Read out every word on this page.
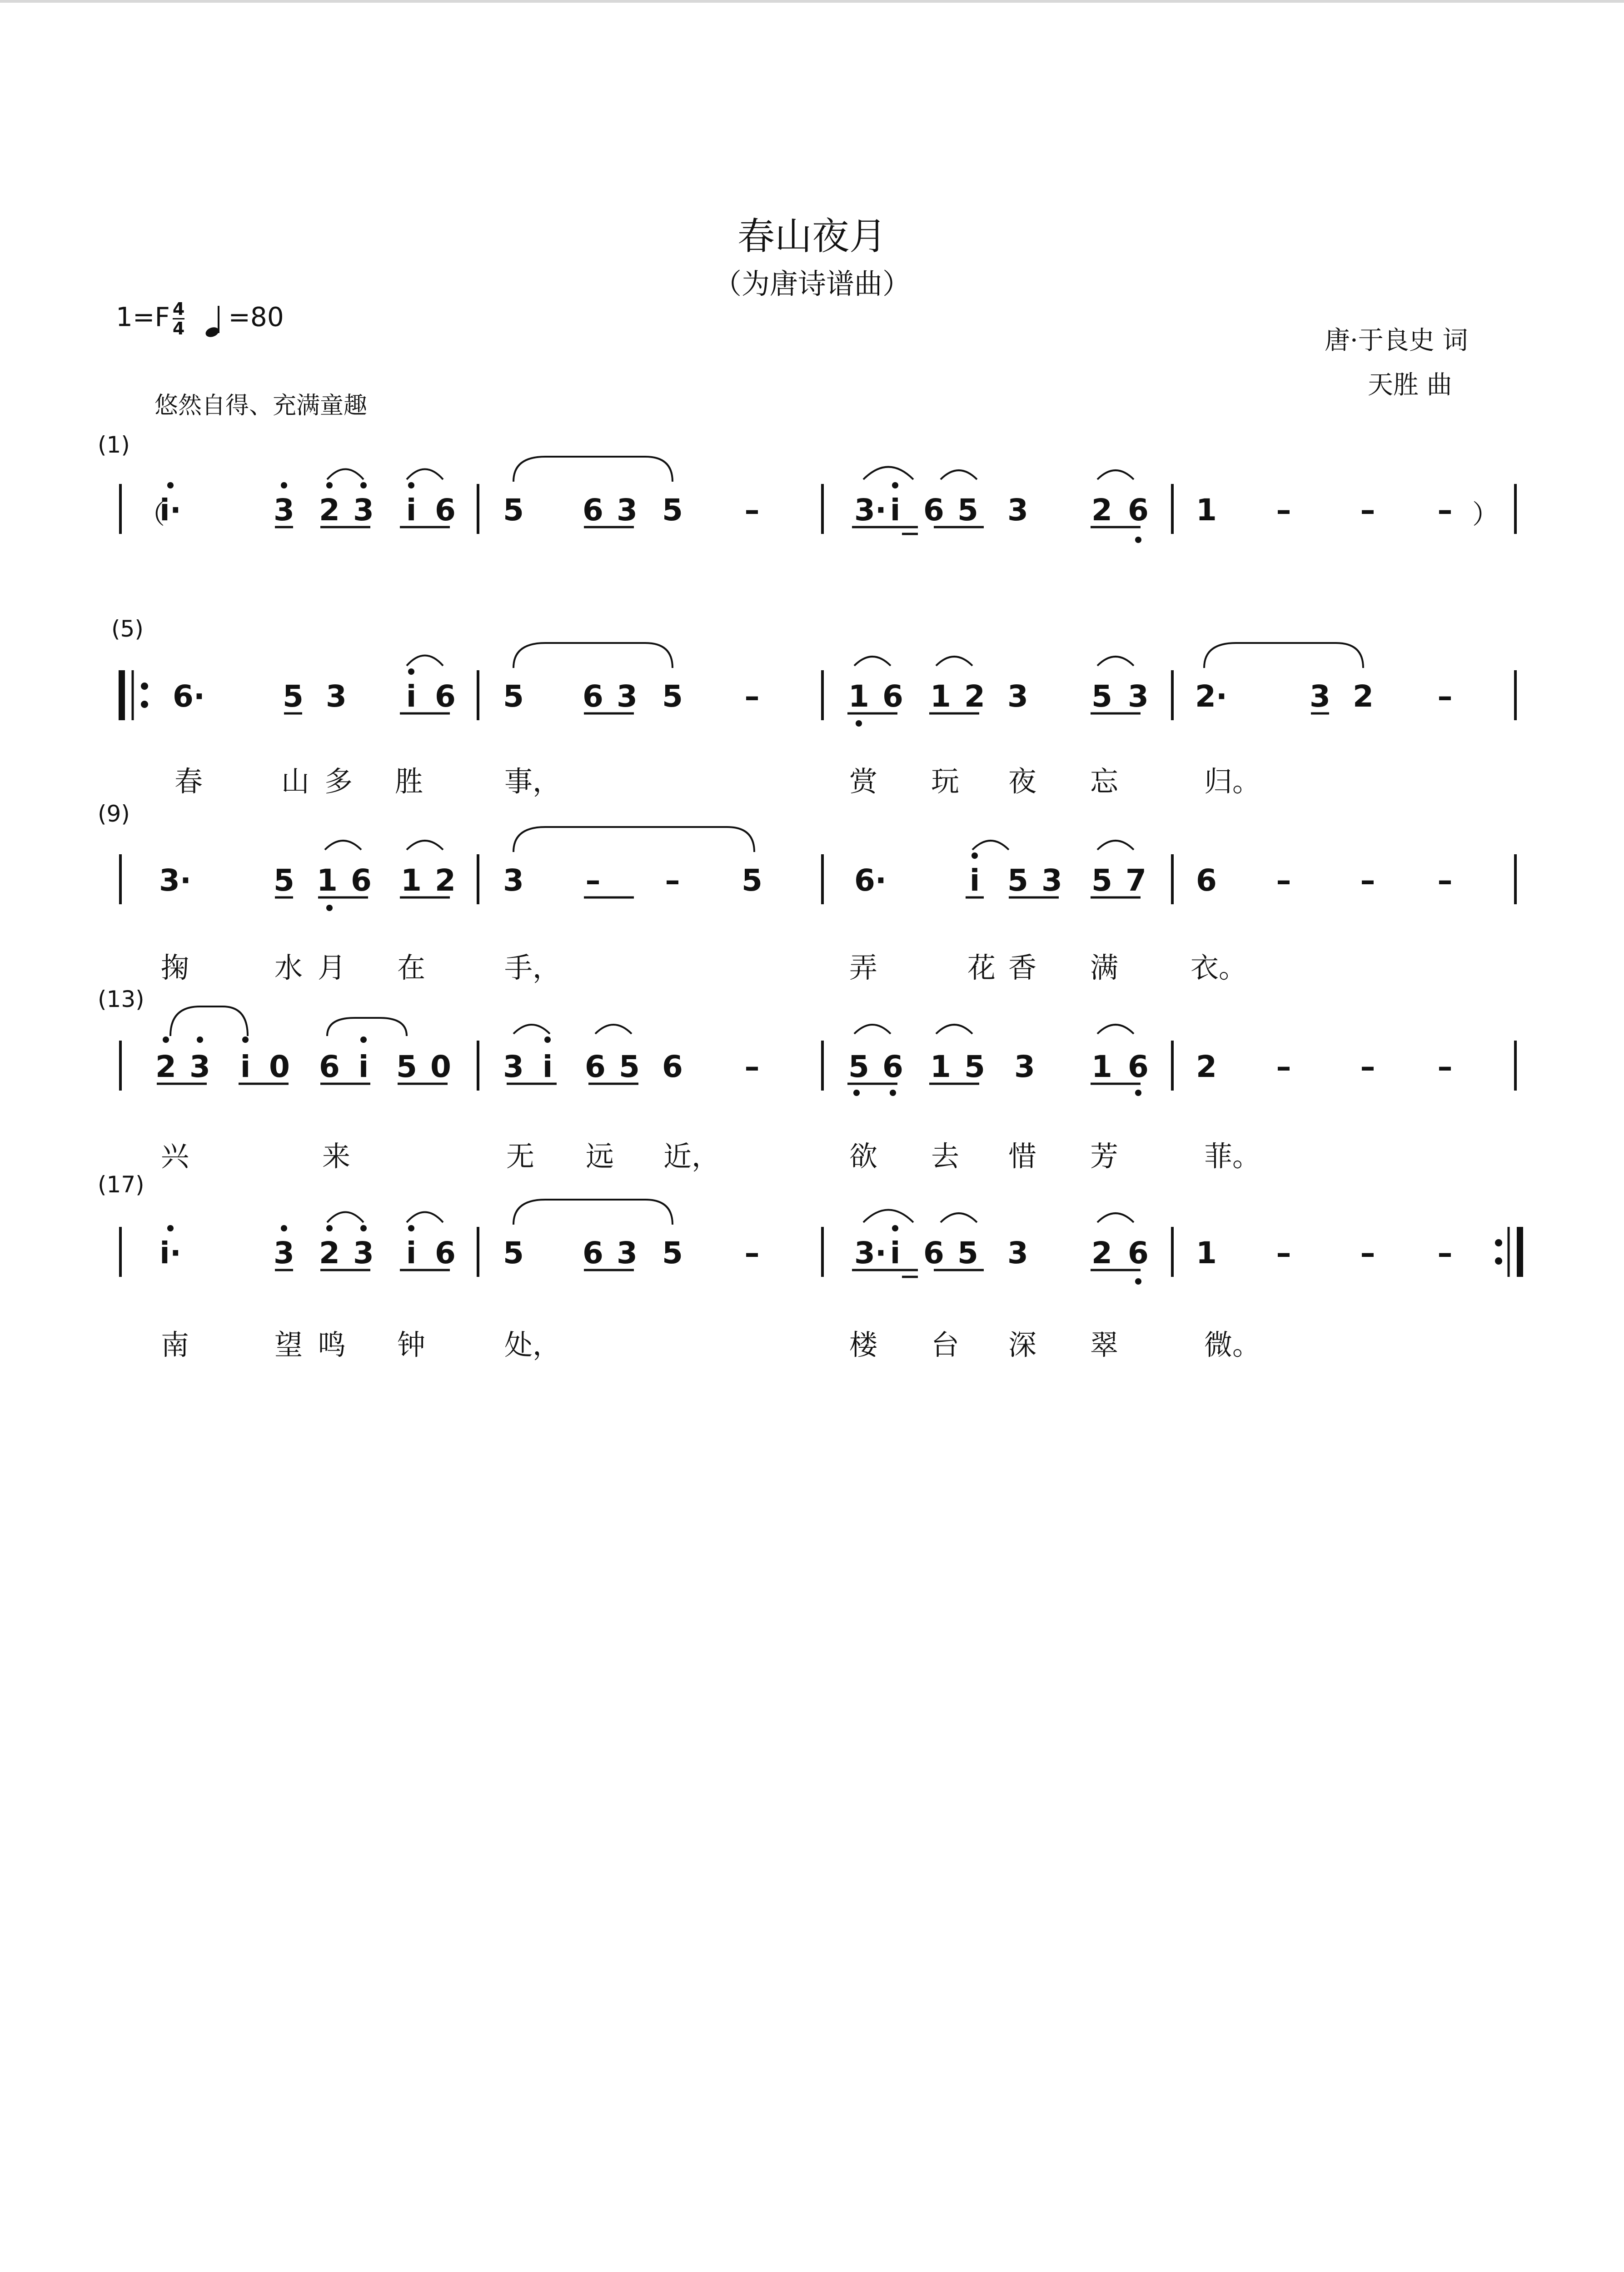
春山夜月
（为唐诗谱曲）
$1=F \frac{4}{4} =80$
唐·于良史 词
天胜 曲
悠然自得、充满童趣
(1)
(5)
(9)
(13)
(17)
（
i·	3 2 3 i 6 5 6 3 5 –	3· i 6 5 3 2 6 1 – – – ）
6·	5 3 i 6 5 6 3 5 –	1 6 1 2 3 5 3 2·	3 2 –
3·	5 1 6 1 2 3 – – 5	6·	i 5 3 5 7 6 – – –
2 3 i 0 6 i 5 0 3 i 6 5 6 –	5 6 1 5 3 1 6 2 – – –
i·	3 2 3 i 6 5 6 3 5 –	3· i 6 5 3 2 6 1 – – –
春	山 多 胜	事，	赏 玩 夜 忘	归。
掬	水 月 在	手，	弄	花 香 满	衣。
兴	来	无 远 近，	欲 去 惜 芳	菲。
南	望 鸣 钟	处，	楼 台 深 翠	微。
